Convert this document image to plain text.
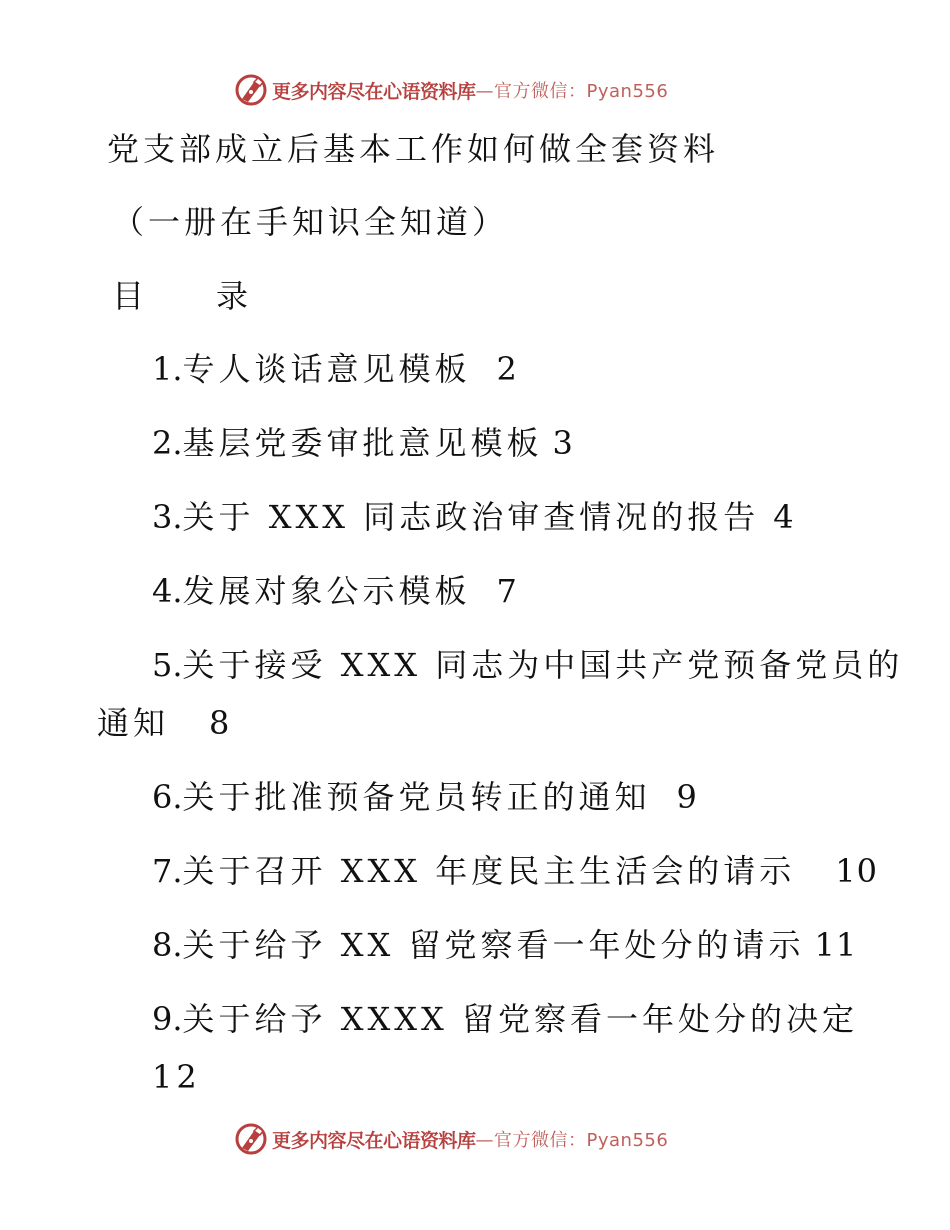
更多内容尽在心语资料库 —官方微信：Pyan556
党支部成立后基本工作如何做全套资料
（一册在手知识全知道）
目 录
1.专人谈话意见模板 2
2.基层党委审批意见模板 3
3.关于 XXX 同志政治审查情况的报告 4
4.发展对象公示模板 7
5.关于接受 XXX 同志为中国共产党预备党员的
通知 8
6.关于批准预备党员转正的通知 9
7.关于召开 XXX 年度民主生活会的请示 10
8.关于给予 XX 留党察看一年处分的请示 11
9.关于给予 XXXX 留党察看一年处分的决定
12
更多内容尽在心语资料库 —官方微信：Pyan556
